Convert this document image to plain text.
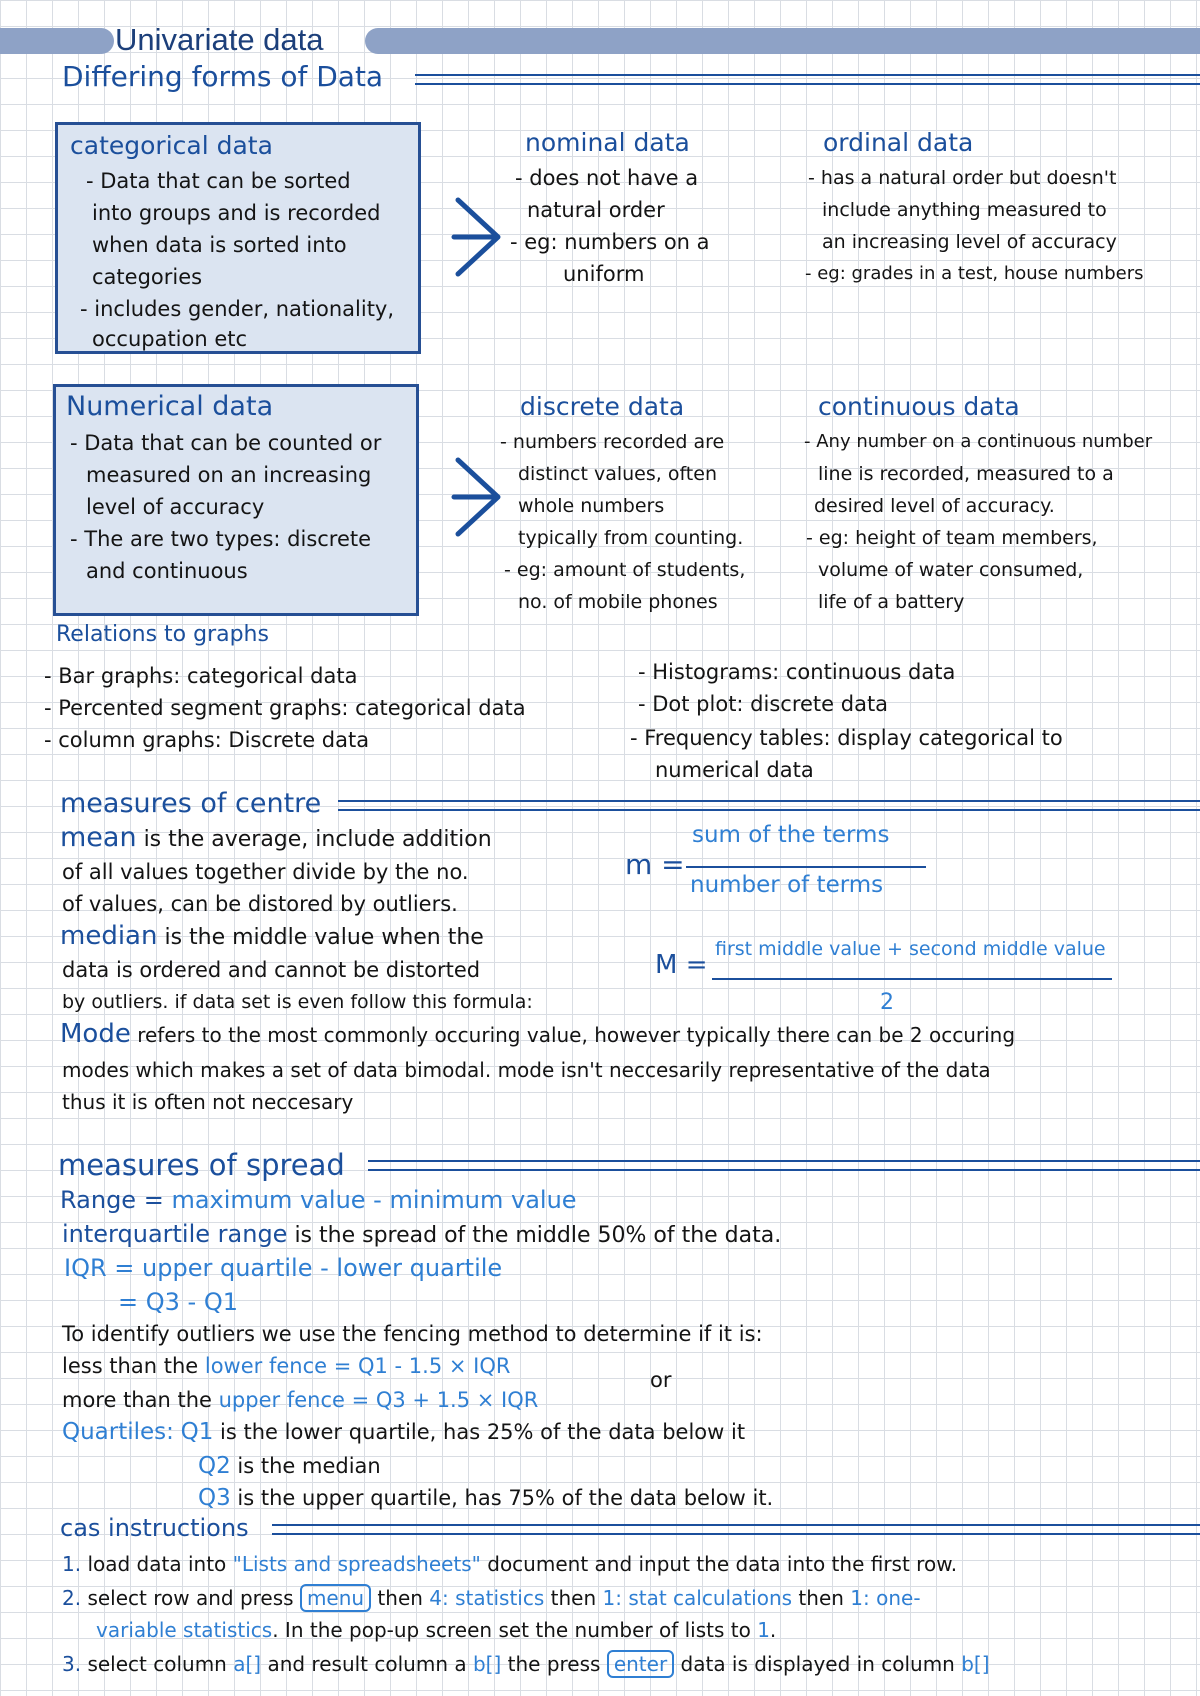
Univariate data
Differing forms of Data
categorical data
- Data that can be sorted
into groups and is recorded
when data is sorted into
categories
- includes gender, nationality,
occupation etc
nominal data
- does not have a
natural order
- eg: numbers on a
uniform
ordinal data
- has a natural order but doesn't
include anything measured to
an increasing level of accuracy
- eg: grades in a test, house numbers
Numerical data
- Data that can be counted or
measured on an increasing
level of accuracy
- The are two types: discrete
and continuous
discrete data
- numbers recorded are
distinct values, often
whole numbers
typically from counting.
- eg: amount of students,
no. of mobile phones
continuous data
- Any number on a continuous number
line is recorded, measured to a
desired level of accuracy.
- eg: height of team members,
volume of water consumed,
life of a battery
Relations to graphs
- Bar graphs: categorical data
- Percented segment graphs: categorical data
- column graphs: Discrete data
- Histograms: continuous data
- Dot plot: discrete data
- Frequency tables: display categorical to
numerical data
measures of centre
mean is the average, include addition
of all values together divide by the no.
of values, can be distored by outliers.
median is the middle value when the
data is ordered and cannot be distorted
by outliers. if data set is even follow this formula:
m =
sum of the terms
number of terms
M =
first middle value + second middle value
2
Mode refers to the most commonly occuring value, however typically there can be 2 occuring
modes which makes a set of data bimodal. mode isn't neccesarily representative of the data
thus it is often not neccesary
measures of spread
Range = maximum value - minimum value
interquartile range is the spread of the middle 50% of the data.
IQR = upper quartile - lower quartile
= Q3 - Q1
To identify outliers we use the fencing method to determine if it is:
less than the lower fence = Q1 - 1.5 × IQR
or
more than the upper fence = Q3 + 1.5 × IQR
Quartiles: Q1 is the lower quartile, has 25% of the data below it
Q2 is the median
Q3 is the upper quartile, has 75% of the data below it.
cas instructions
1. load data into "Lists and spreadsheets" document and input the data into the first row.
2. select row and press menu then 4: statistics then 1: stat calculations then 1: one-
variable statistics. In the pop-up screen set the number of lists to 1.
3. select column a[] and result column a b[] the press enter data is displayed in column b[]
